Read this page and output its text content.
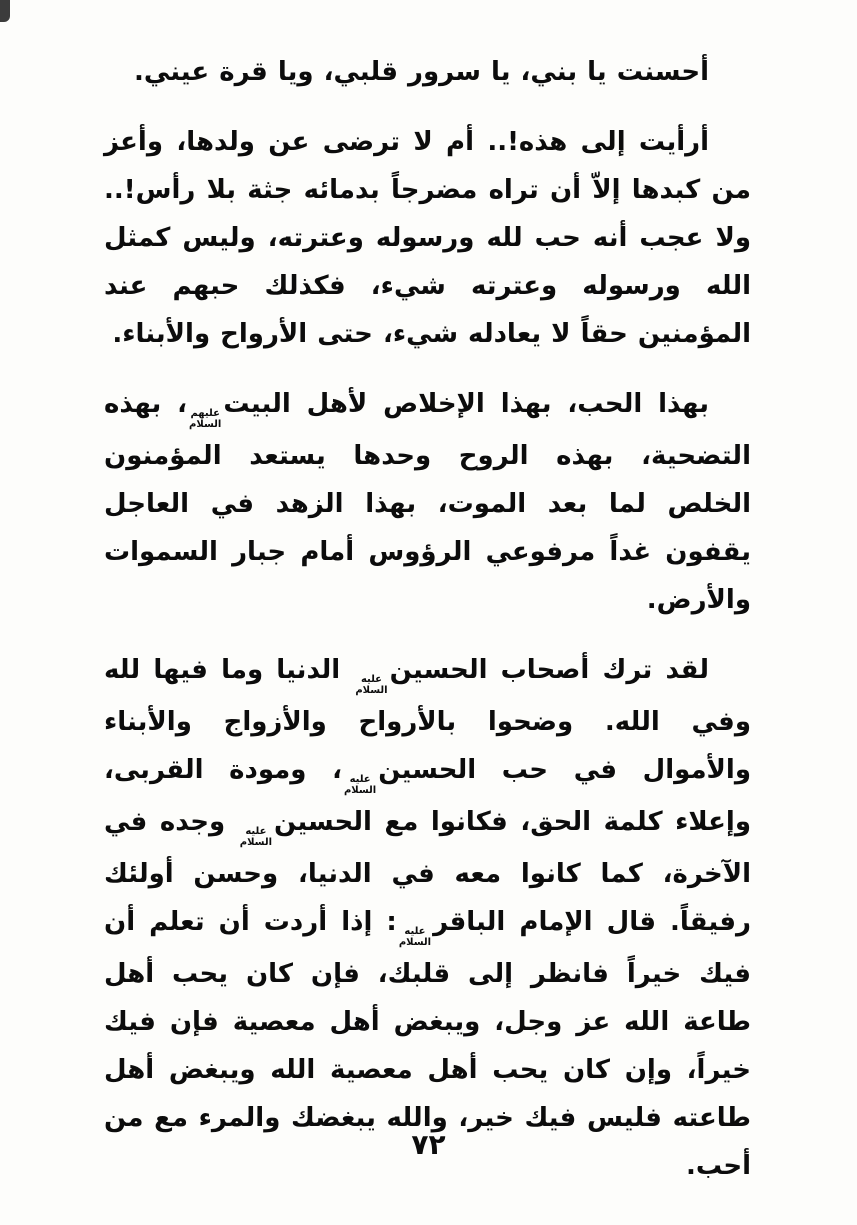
أحسنت يا بني، يا سرور قلبي، ويا قرة عيني.

أرأيت إلى هذه!.. أم لا ترضى عن ولدها، وأعز من كبدها إلاّ أن تراه مضرجاً بدمائه جثة بلا رأس!.. ولا عجب أنه حب لله ورسوله وعترته، وليس كمثل الله ورسوله وعترته شيء، فكذلك حبهم عند المؤمنين حقاً لا يعادله شيء، حتى الأرواح والأبناء.

بهذا الحب، بهذا الإخلاص لأهل البيت
عليهم
السلام
، بهذه التضحية، بهذه الروح وحدها يستعد المؤمنون الخلص لما بعد الموت، بهذا الزهد في العاجل يقفون غداً مرفوعي الرؤوس أمام جبار السموات والأرض.

لقد ترك أصحاب الحسين
عليه
السلام
الدنيا وما فيها لله وفي الله. وضحوا بالأرواح والأزواج والأبناء والأموال في حب الحسين
عليه
السلام
، ومودة القربى، وإعلاء كلمة الحق، فكانوا مع الحسين
عليه
السلام
وجده في الآخرة، كما كانوا معه في الدنيا، وحسن أولئك رفيقاً. قال الإمام الباقر
عليه
السلام
: إذا أردت أن تعلم أن فيك خيراً فانظر إلى قلبك، فإن كان يحب أهل طاعة الله عز وجل، ويبغض أهل معصية فإن فيك خيراً، وإن كان يحب أهل معصية الله ويبغض أهل طاعته فليس فيك خير، والله يبغضك والمرء مع من أحب.

٧٢
